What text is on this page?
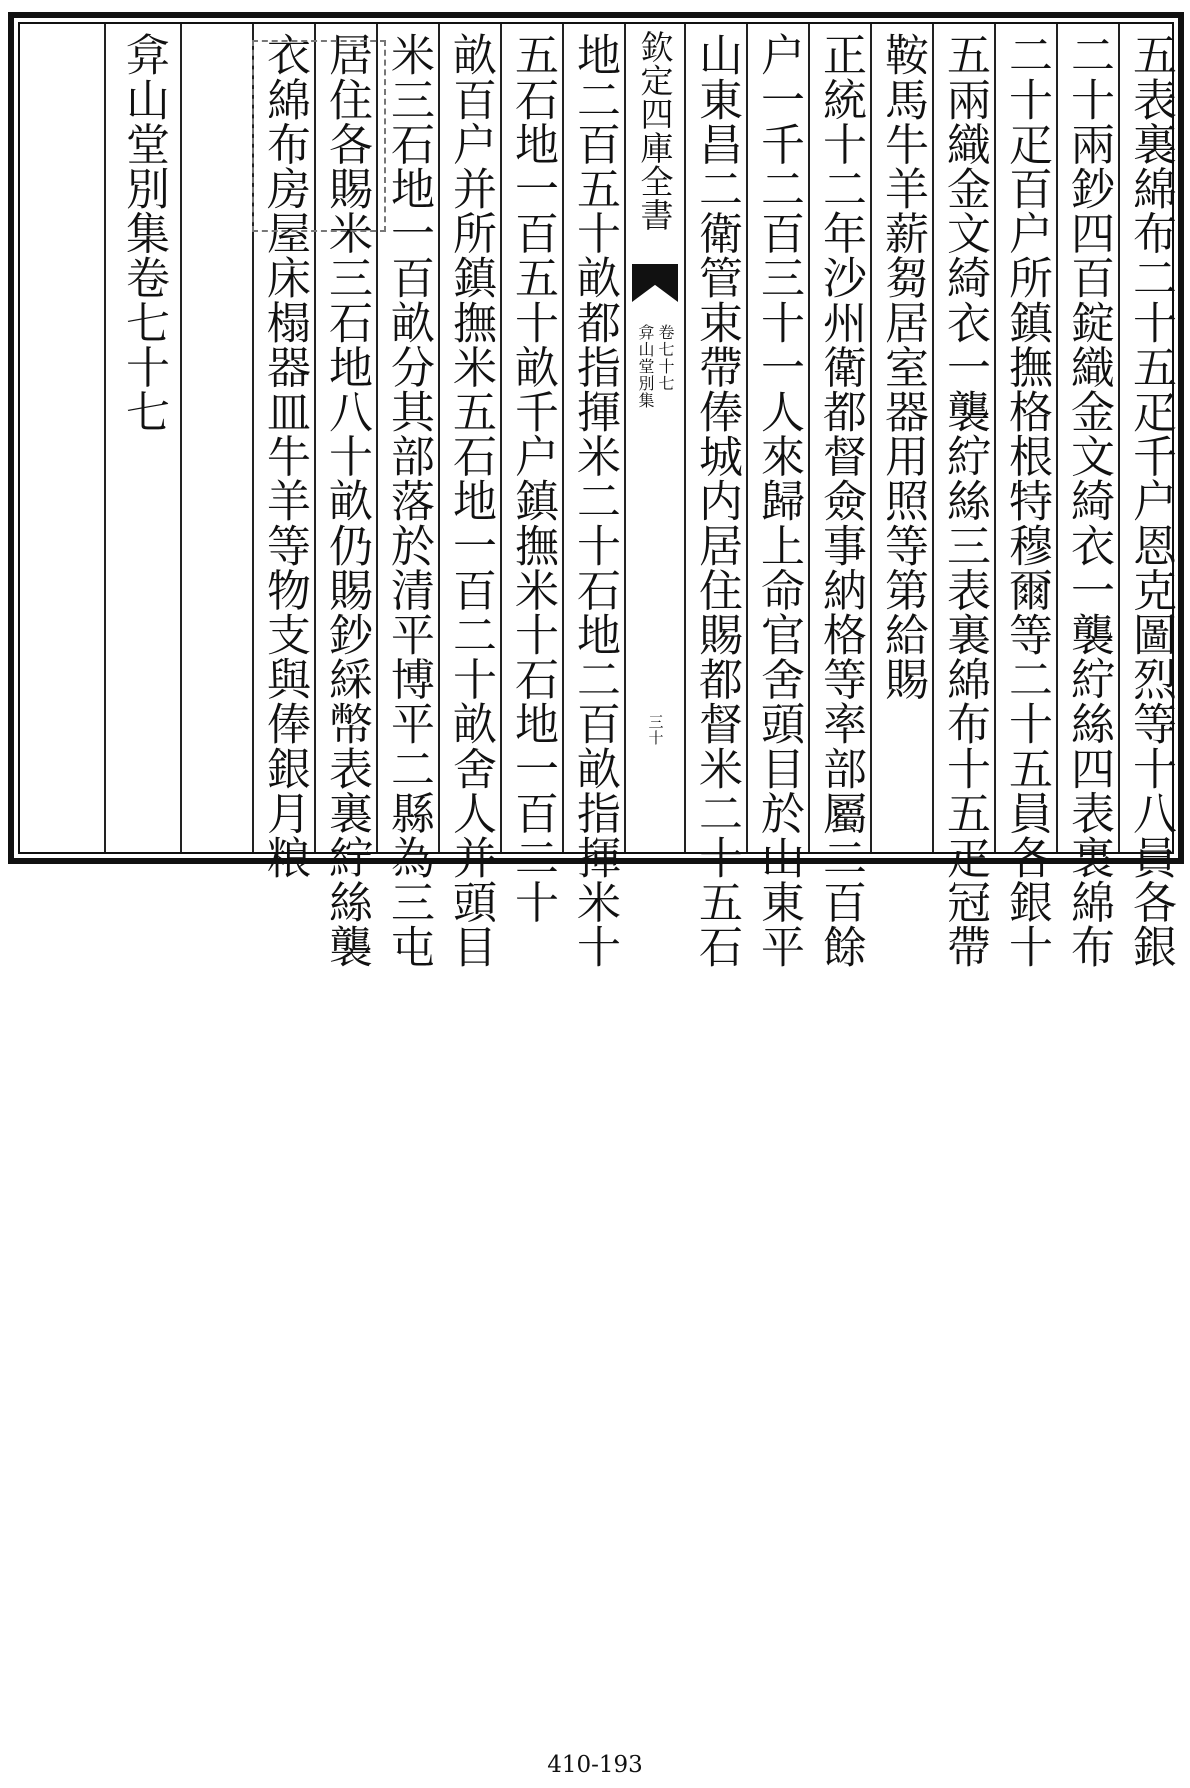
五表裏綿布二十五疋千户恩克圖烈等十八員各銀
二十兩鈔四百錠織金文綺衣一襲紵絲四表裏綿布
二十疋百户所鎮撫格根特穆爾等二十五員各銀十
五兩織金文綺衣一襲紵絲三表裏綿布十五疋冠帶
鞍馬牛羊薪芻居室器用照等第給賜
正統十二年沙州衛都督僉事納格等率部屬二百餘
户一千二百三十一人來歸上命官舍頭目於山東平
山東昌二衛管束帶俸城内居住賜都督米二十五石
欽定四庫全書
弇山堂別集 卷七十七
三十
地二百五十畝都指揮米二十石地二百畝指揮米十
五石地一百五十畝千户鎮撫米十石地一百二十
畝百户并所鎮撫米五石地一百二十畝舍人并頭目
米三石地一百畝分其部落於清平博平二縣為三屯
居住各賜米三石地八十畝仍賜鈔綵幣表裏紵絲襲
衣綿布房屋床榻器皿牛羊等物支與俸銀月粮
弇山堂別集卷七十七
410-193
